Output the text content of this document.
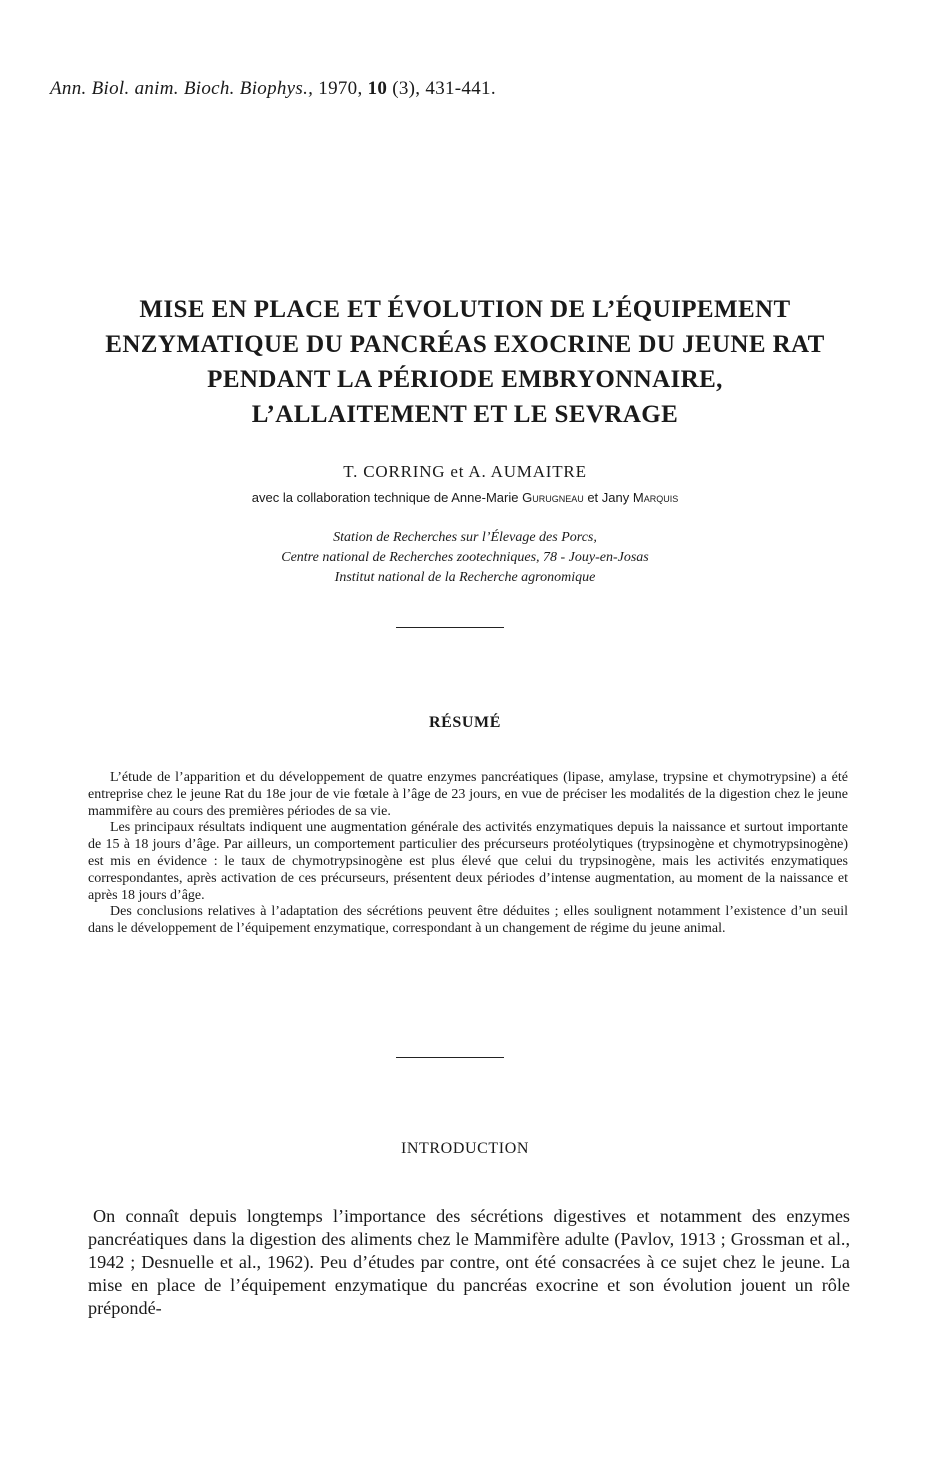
Ann. Biol. anim. Bioch. Biophys., 1970, 10 (3), 431-441.
MISE EN PLACE ET ÉVOLUTION DE L’ÉQUIPEMENT
ENZYMATIQUE DU PANCRÉAS EXOCRINE DU JEUNE RAT
PENDANT LA PÉRIODE EMBRYONNAIRE,
L’ALLAITEMENT ET LE SEVRAGE
T. CORRING et A. AUMAITRE
avec la collaboration technique de Anne-Marie Gurugneau et Jany Marquis
Station de Recherches sur l’Élevage des Porcs,
Centre national de Recherches zootechniques, 78 - Jouy-en-Josas
Institut national de la Recherche agronomique
RÉSUMÉ

L’étude de l’apparition et du développement de quatre enzymes pancréatiques (lipase, amylase, trypsine et chymotrypsine) a été entreprise chez le jeune Rat du 18e jour de vie fœtale à l’âge de 23 jours, en vue de préciser les modalités de la digestion chez le jeune mammifère au cours des premières périodes de sa vie.

Les principaux résultats indiquent une augmentation générale des activités enzymatiques depuis la naissance et surtout importante de 15 à 18 jours d’âge. Par ailleurs, un comportement particulier des précurseurs protéolytiques (trypsinogène et chymotrypsinogène) est mis en évidence : le taux de chymotrypsinogène est plus élevé que celui du trypsinogène, mais les activités enzymatiques correspondantes, après activation de ces précurseurs, présentent deux périodes d’intense augmentation, au moment de la naissance et après 18 jours d’âge.

Des conclusions relatives à l’adaptation des sécrétions peuvent être déduites ; elles soulignent notamment l’existence d’un seuil dans le développement de l’équipement enzymatique, correspondant à un changement de régime du jeune animal.

INTRODUCTION

On connaît depuis longtemps l’importance des sécrétions digestives et notamment des enzymes pancréatiques dans la digestion des aliments chez le Mammifère adulte (Pavlov, 1913 ; Grossman et al., 1942 ; Desnuelle et al., 1962). Peu d’études par contre, ont été consacrées à ce sujet chez le jeune. La mise en place de l’équipement enzymatique du pancréas exocrine et son évolution jouent un rôle prépondé-
